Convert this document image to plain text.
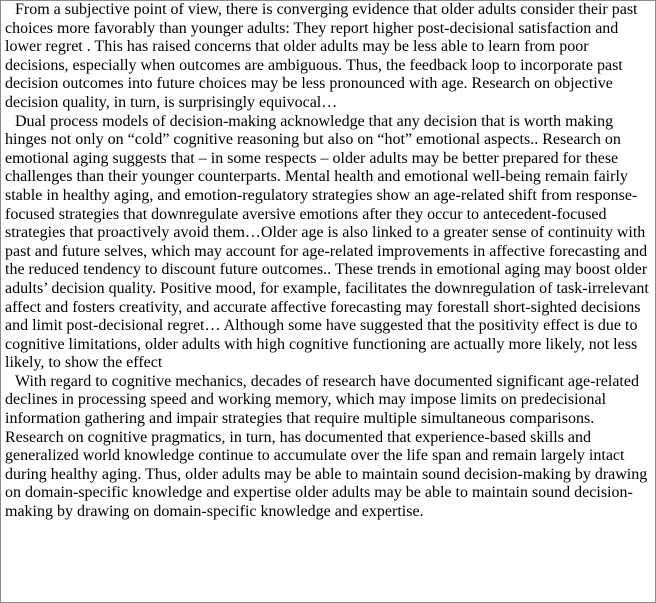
From a subjective point of view, there is converging evidence that older adults consider their past choices more favorably than younger adults: They report higher post-decisional satisfaction and lower regret . This has raised concerns that older adults may be less able to learn from poor decisions, especially when outcomes are ambiguous. Thus, the feedback loop to incorporate past decision outcomes into future choices may be less pronounced with age. Research on objective decision quality, in turn, is surprisingly equivocal…

Dual process models of decision-making acknowledge that any decision that is worth making hinges not only on “cold” cognitive reasoning but also on “hot” emotional aspects.. Research on emotional aging suggests that – in some respects – older adults may be better prepared for these challenges than their younger counterparts. Mental health and emotional well-being remain fairly stable in healthy aging, and emotion-regulatory strategies show an age-related shift from response-focused strategies that downregulate aversive emotions after they occur to antecedent-focused strategies that proactively avoid them…Older age is also linked to a greater sense of continuity with past and future selves, which may account for age-related improvements in affective forecasting and the reduced tendency to discount future outcomes.. These trends in emotional aging may boost older adults’ decision quality. Positive mood, for example, facilitates the downregulation of task-irrelevant affect and fosters creativity, and accurate affective forecasting may forestall short-sighted decisions and limit post-decisional regret… Although some have suggested that the positivity effect is due to cognitive limitations, older adults with high cognitive functioning are actually more likely, not less likely, to show the effect

With regard to cognitive mechanics, decades of research have documented significant age-related declines in processing speed and working memory, which may impose limits on predecisional information gathering and impair strategies that require multiple simultaneous comparisons. Research on cognitive pragmatics, in turn, has documented that experience-based skills and generalized world knowledge continue to accumulate over the life span and remain largely intact during healthy aging. Thus, older adults may be able to maintain sound decision-making by drawing on domain-specific knowledge and expertise older adults may be able to maintain sound decision-making by drawing on domain-specific knowledge and expertise.
